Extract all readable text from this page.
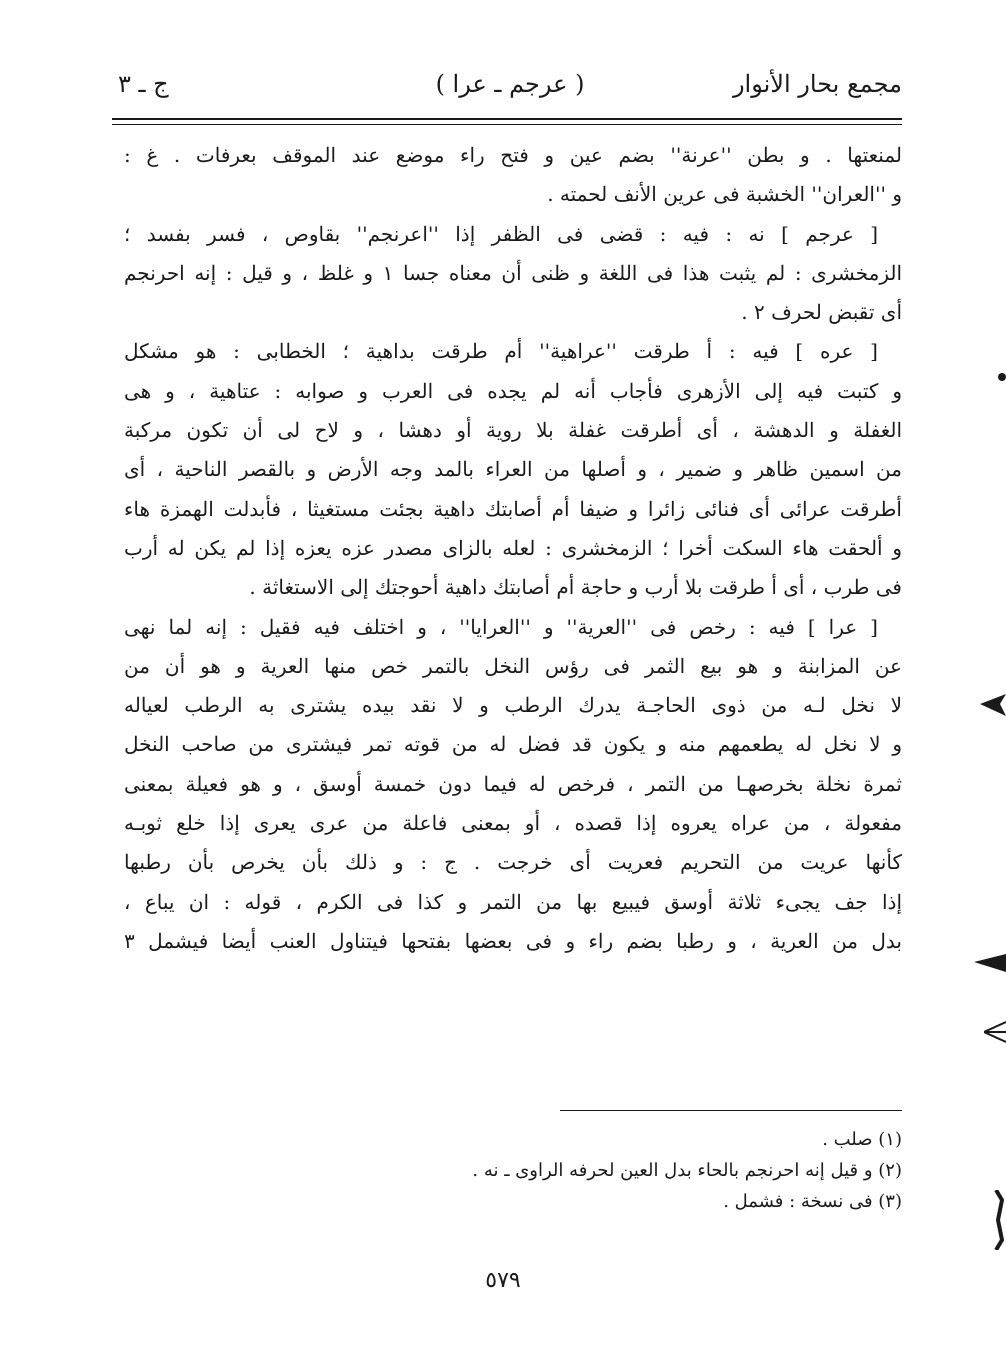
مجمع بحار الأنوار
( عرجم ـ عرا )
ج ـ ٣
لمنعتها . و بطن ''عرنة'' بضم عين و فتح راء موضع عند الموقف بعرفات . غ :
و ''العران'' الخشبة فى عرين الأنف لحمته .
[ عرجم ] نه : فيه : قضى فى الظفر إذا ''اعرنجم'' بقاوص ، فسر بفسد ؛
الزمخشرى : لم يثبت هذا فى اللغة و ظنى أن معناه جسا ١ و غلظ ، و قيل : إنه احرنجم
أى تقبض لحرف ٢ .
[ عره ] فيه : أ طرقت ''عراهية'' أم طرقت بداهية ؛ الخطابى : هو مشكل
و كتبت فيه إلى الأزهرى فأجاب أنه لم يجده فى العرب و صوابه : عتاهية ، و هى
الغفلة و الدهشة ، أى أطرقت غفلة بلا روية أو دهشا ، و لاح لى أن تكون مركبة
من اسمين ظاهر و ضمير ، و أصلها من العراء بالمد وجه الأرض و بالقصر الناحية ، أى
أطرقت عرائى أى فنائى زائرا و ضيفا أم أصابتك داهية بجئت مستغيثا ، فأبدلت الهمزة هاء
و ألحقت هاء السكت أخرا ؛ الزمخشرى : لعله بالزاى مصدر عزه يعزه إذا لم يكن له أرب
فى طرب ، أى أ طرقت بلا أرب و حاجة أم أصابتك داهية أحوجتك إلى الاستغاثة .
[ عرا ] فيه : رخص فى ''العرية'' و ''العرايا'' ، و اختلف فيه فقيل : إنه لما نهى
عن المزابنة و هو بيع الثمر فى رؤس النخل بالتمر خص منها العرية و هو أن من
لا نخل لـه من ذوى الحاجـة يدرك الرطب و لا نقد بيده يشترى به الرطب لعياله
و لا نخل له يطعمهم منه و يكون قد فضل له من قوته تمر فيشترى من صاحب النخل
ثمرة نخلة بخرصهـا من التمر ، فرخص له فيما دون خمسة أوسق ، و هو فعيلة بمعنى
مفعولة ، من عراه يعروه إذا قصده ، أو بمعنى فاعلة من عرى يعرى إذا خلع ثوبـه
كأنها عريت من التحريم فعريت أى خرجت . ج : و ذلك بأن يخرص بأن رطبها
إذا جف يجىء ثلاثة أوسق فيبيع بها من التمر و كذا فى الكرم ، قوله : ان يباع ،
بدل من العرية ، و رطبا بضم راء و فى بعضها بفتحها فيتناول العنب أيضا فيشمل ٣
(١) صلب .
(٢) و قيل إنه احرنجم بالحاء بدل العين لحرفه الراوى ـ نه .
(٣) فى نسخة : فشمل .
٥٧٩
